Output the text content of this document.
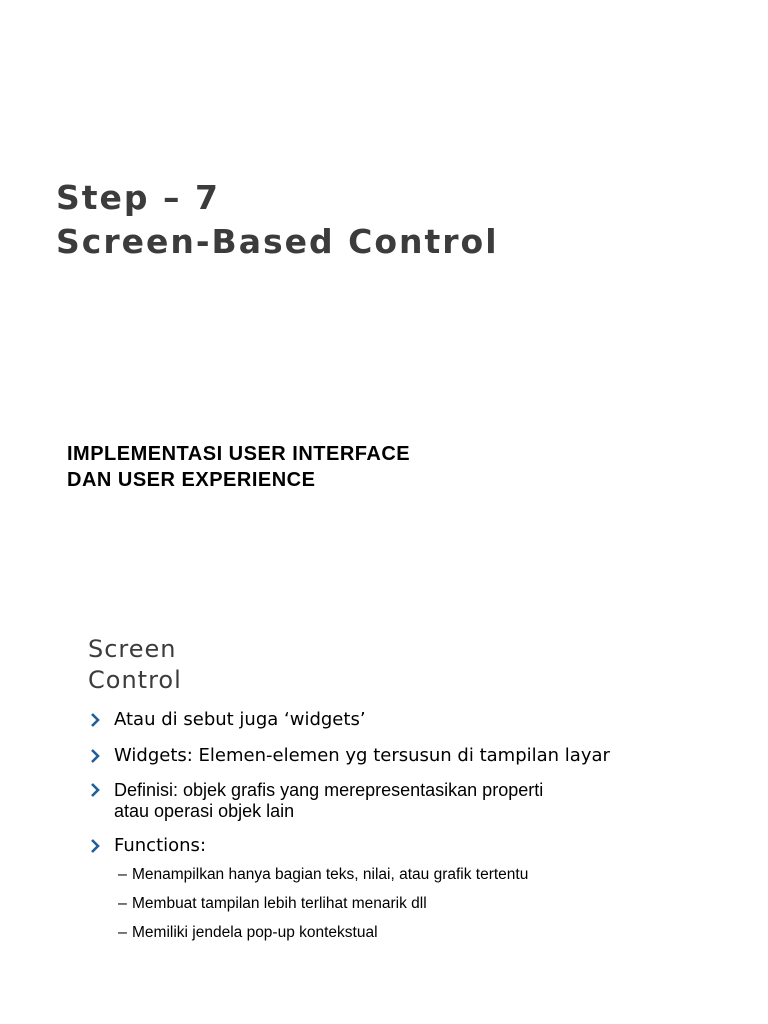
Step – 7
Screen-Based Control
IMPLEMENTASI USER INTERFACE
DAN USER EXPERIENCE
Screen
Control
Atau di sebut juga ‘widgets’
Widgets: Elemen-elemen yg tersusun di tampilan layar
Definisi: objek grafis yang merepresentasikan properti atau operasi objek lain
Functions:
– Menampilkan hanya bagian teks, nilai, atau grafik tertentu
– Membuat tampilan lebih terlihat menarik dll
– Memiliki jendela pop-up kontekstual
